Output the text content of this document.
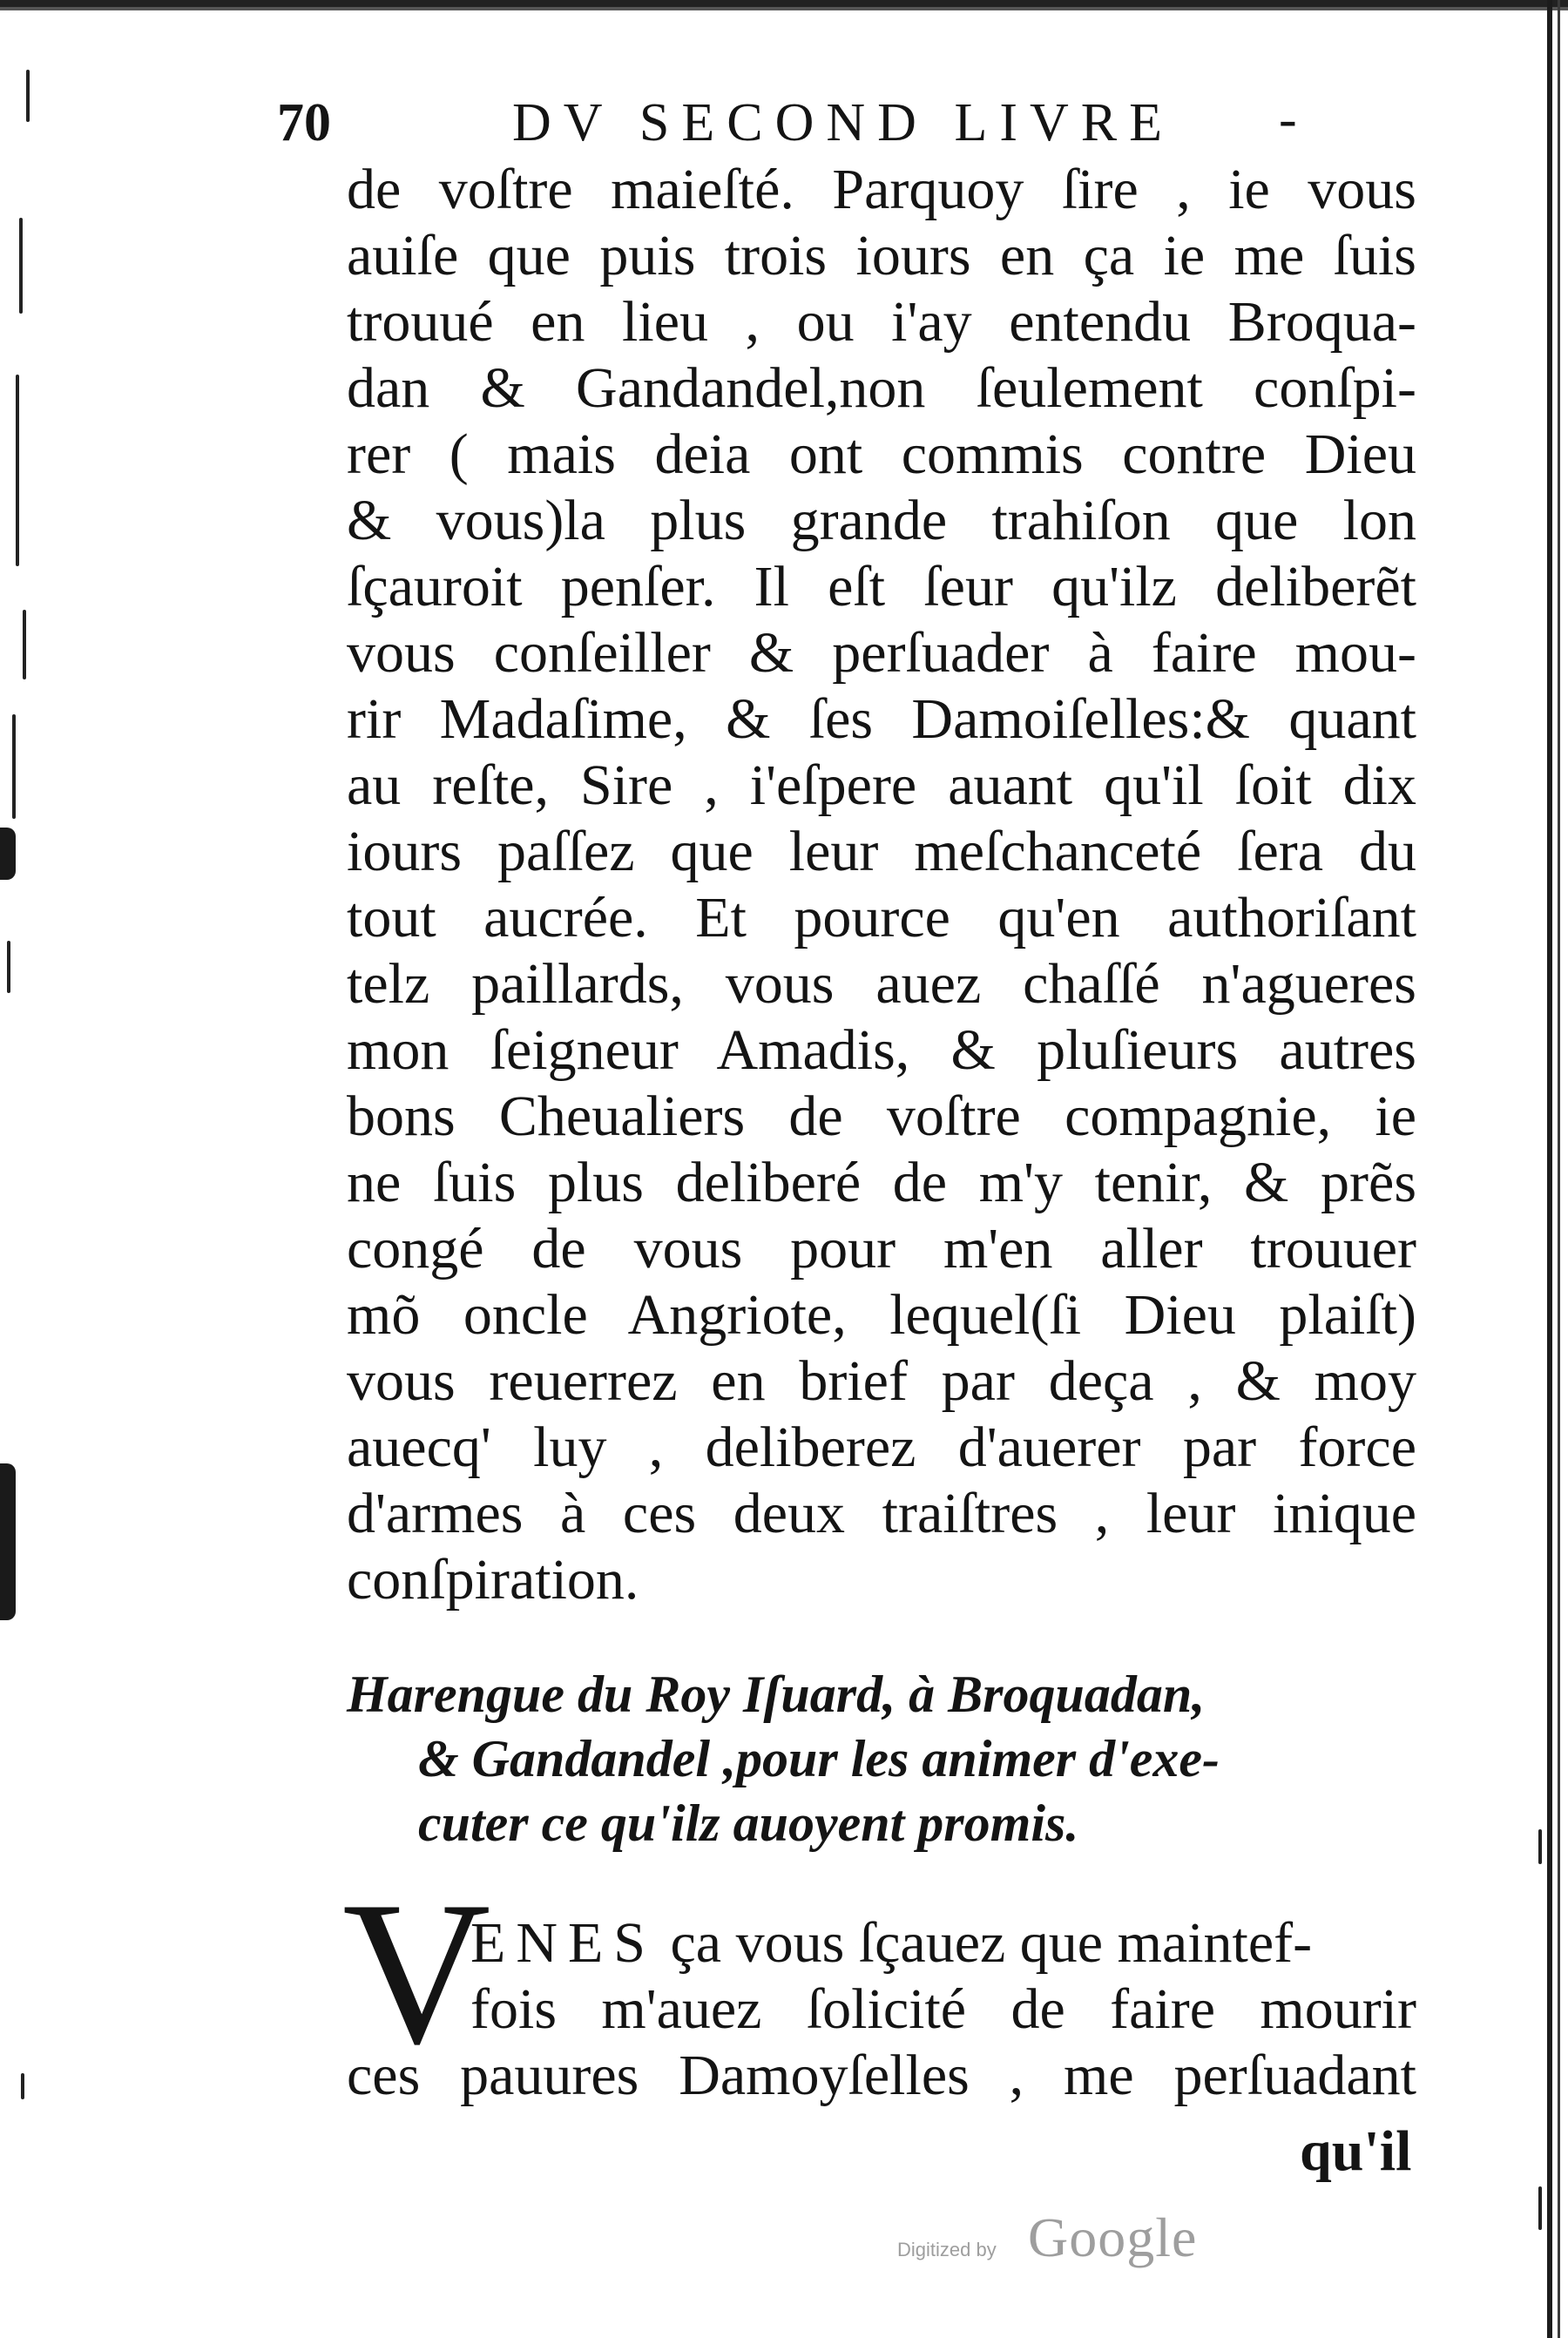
70	DV SECOND LIVRE -
de voſtre maieſté. Parquoy ſire , ie vous
auiſe que puis trois iours en ça ie me ſuis
trouué en lieu , ou i'ay entendu Broqua-
dan & Gandandel,non ſeulement conſpi-
rer ( mais deia ont commis contre Dieu
& vous)la plus grande trahiſon que lon
ſçauroit penſer. Il eſt ſeur qu'ilz deliberẽt
vous conſeiller & perſuader à faire mou-
rir Madaſime, & ſes Damoiſelles:& quant
au reſte, Sire , i'eſpere auant qu'il ſoit dix
iours paſſez que leur meſchanceté ſera du
tout aucrée. Et pource qu'en authoriſant
telz paillards, vous auez chaſſé n'agueres
mon ſeigneur Amadis, & pluſieurs autres
bons Cheualiers de voſtre compagnie, ie
ne ſuis plus deliberé de m'y tenir, & prẽs
congé de vous pour m'en aller trouuer
mõ oncle Angriote, lequel(ſi Dieu plaiſt)
vous reuerrez en brief par deça , & moy
auecq' luy , deliberez d'auerer par force
d'armes à ces deux traiſtres , leur inique
conſpiration.
Harengue du Roy Iſuard, à Broquadan,
& Gandandel ,pour les animer d'exe-
cuter ce qu'ilz auoyent promis.
V
ENES ça vous ſçauez que maintef-
fois m'auez ſolicité de faire mourir
ces pauures Damoyſelles , me perſuadant
qu'il
Digitized by Google
